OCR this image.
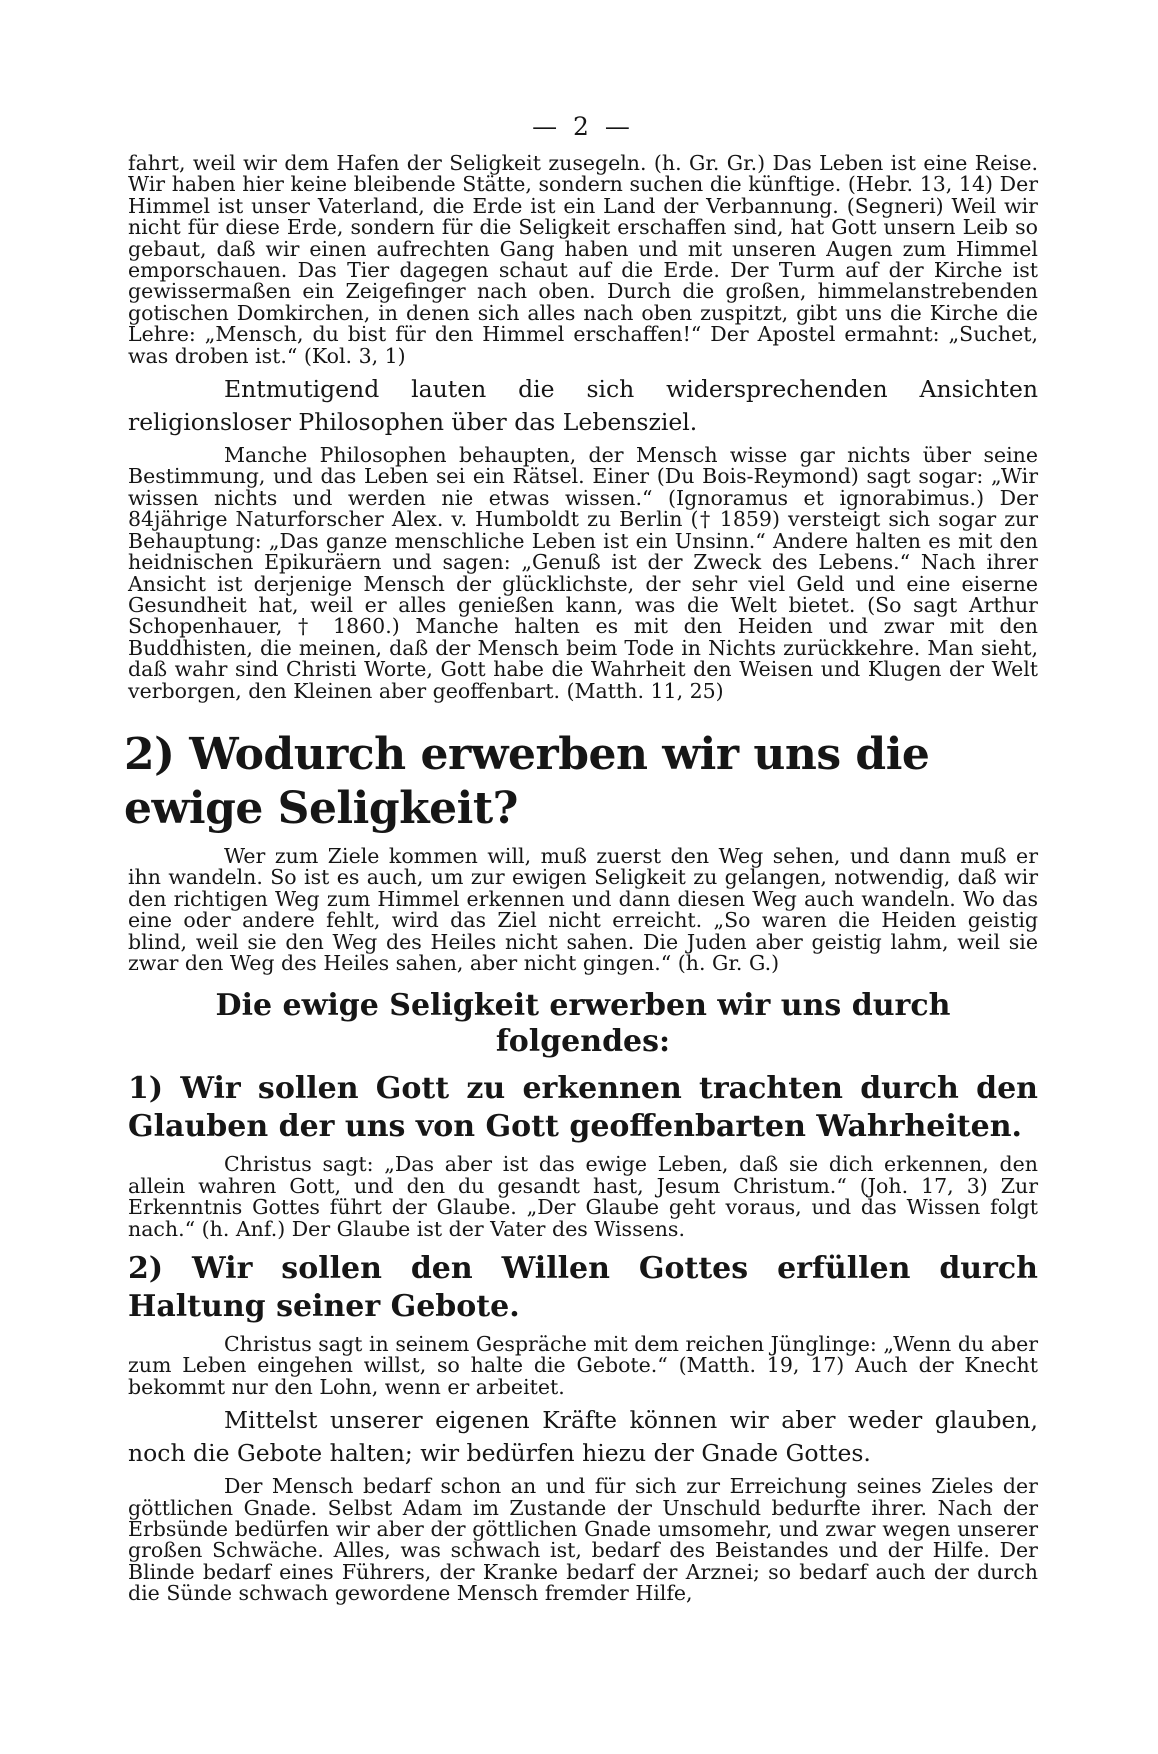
— 2 —

fahrt, weil wir dem Hafen der Seligkeit zusegeln. (h. Gr. Gr.) Das Leben ist eine Reise. Wir haben hier keine bleibende Stätte, sondern suchen die künftige. (Hebr. 13, 14) Der Himmel ist unser Vaterland, die Erde ist ein Land der Verbannung. (Segneri) Weil wir nicht für diese Erde, sondern für die Seligkeit erschaffen sind, hat Gott unsern Leib so gebaut, daß wir einen aufrechten Gang haben und mit unseren Augen zum Himmel emporschauen. Das Tier dagegen schaut auf die Erde. Der Turm auf der Kirche ist gewissermaßen ein Zeigefinger nach oben. Durch die großen, himmelanstrebenden gotischen Domkirchen, in denen sich alles nach oben zuspitzt, gibt uns die Kirche die Lehre: „Mensch, du bist für den Himmel erschaffen!“ Der Apostel ermahnt: „Suchet, was droben ist.“ (Kol. 3, 1)

Entmutigend lauten die sich widersprechenden Ansichten religionsloser Philosophen über das Lebensziel.

Manche Philosophen behaupten, der Mensch wisse gar nichts über seine Bestimmung, und das Leben sei ein Rätsel. Einer (Du Bois-Reymond) sagt sogar: „Wir wissen nichts und werden nie etwas wissen.“ (Ignoramus et ignorabimus.) Der 84jährige Naturforscher Alex. v. Humboldt zu Berlin († 1859) versteigt sich sogar zur Behauptung: „Das ganze menschliche Leben ist ein Unsinn.“ Andere halten es mit den heidnischen Epikuräern und sagen: „Genuß ist der Zweck des Lebens.“ Nach ihrer Ansicht ist derjenige Mensch der glücklichste, der sehr viel Geld und eine eiserne Gesundheit hat, weil er alles genießen kann, was die Welt bietet. (So sagt Arthur Schopenhauer, † 1860.) Manche halten es mit den Heiden und zwar mit den Buddhisten, die meinen, daß der Mensch beim Tode in Nichts zurückkehre. Man sieht, daß wahr sind Christi Worte, Gott habe die Wahrheit den Weisen und Klugen der Welt verborgen, den Kleinen aber geoffenbart. (Matth. 11, 25)

2) Wodurch erwerben wir uns die ewige Seligkeit?

Wer zum Ziele kommen will, muß zuerst den Weg sehen, und dann muß er ihn wandeln. So ist es auch, um zur ewigen Seligkeit zu gelangen, notwendig, daß wir den richtigen Weg zum Himmel erkennen und dann diesen Weg auch wandeln. Wo das eine oder andere fehlt, wird das Ziel nicht erreicht. „So waren die Heiden geistig blind, weil sie den Weg des Heiles nicht sahen. Die Juden aber geistig lahm, weil sie zwar den Weg des Heiles sahen, aber nicht gingen.“ (h. Gr. G.)

Die ewige Seligkeit erwerben wir uns durch folgendes:
1) Wir sollen Gott zu erkennen trachten durch den Glauben der uns von Gott geoffenbarten Wahrheiten.

Christus sagt: „Das aber ist das ewige Leben, daß sie dich erkennen, den allein wahren Gott, und den du gesandt hast, Jesum Christum.“ (Joh. 17, 3) Zur Erkenntnis Gottes führt der Glaube. „Der Glaube geht voraus, und das Wissen folgt nach.“ (h. Anf.) Der Glaube ist der Vater des Wissens.

2) Wir sollen den Willen Gottes erfüllen durch Haltung seiner Gebote.

Christus sagt in seinem Gespräche mit dem reichen Jünglinge: „Wenn du aber zum Leben eingehen willst, so halte die Gebote.“ (Matth. 19, 17) Auch der Knecht bekommt nur den Lohn, wenn er arbeitet.

Mittelst unserer eigenen Kräfte können wir aber weder glauben, noch die Gebote halten; wir bedürfen hiezu der Gnade Gottes.

Der Mensch bedarf schon an und für sich zur Erreichung seines Zieles der göttlichen Gnade. Selbst Adam im Zustande der Unschuld bedurfte ihrer. Nach der Erbsünde bedürfen wir aber der göttlichen Gnade umsomehr, und zwar wegen unserer großen Schwäche. Alles, was schwach ist, bedarf des Beistandes und der Hilfe. Der Blinde bedarf eines Führers, der Kranke bedarf der Arznei; so bedarf auch der durch die Sünde schwach gewordene Mensch fremder Hilfe,
